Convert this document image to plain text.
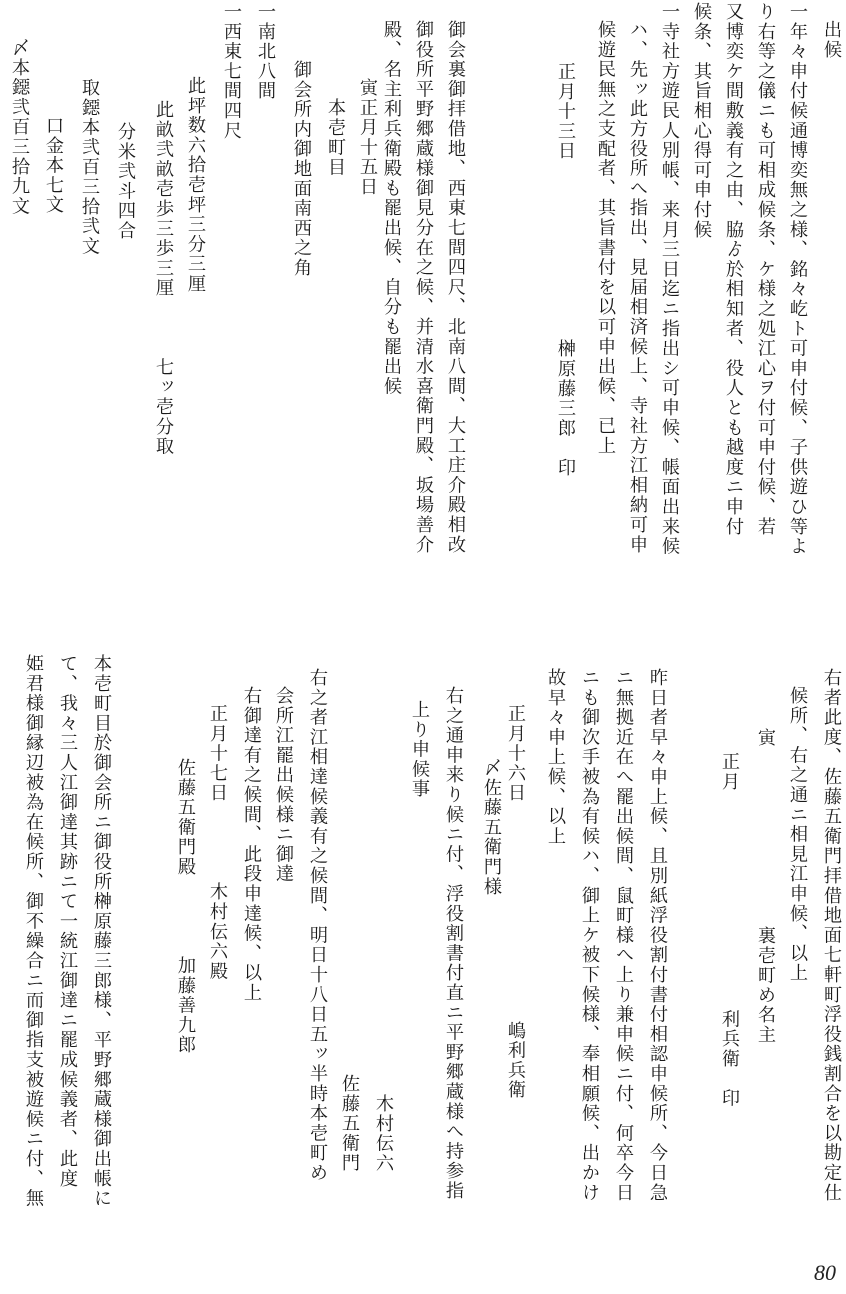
出候
一年々申付候通博奕無之様、銘々屹ト可申付候、子供遊ひ等よ
り右等之儀ニも可相成候条、ケ様之処江心ヲ付可申付候、若
又博奕ケ間敷義有之由、脇ゟ於相知者、役人とも越度ニ申付
候条、其旨相心得可申付候
一寺社方遊民人別帳、来月三日迄ニ指出シ可申候、帳面出来候
ハ、先ッ此方役所へ指出、見届相済候上、寺社方江相納可申
候遊民無之支配者、其旨書付を以可申出候、已上
正月十三日　　　　　　　　　榊原藤三郎　印
御会裏御拝借地、西東七間四尺、北南八間、大工庄介殿相改
御役所平野郷蔵様御見分在之候、并清水喜衛門殿、坂場善介
殿、名主利兵衛殿も罷出候、自分も罷出候
寅正月十五日
本壱町目
御会所内御地面南西之角
一南北八間
一西東七間四尺
此坪数六拾壱坪三分三厘
此畝弐畝壱歩三歩三厘　　　七ッ壱分取
分米弐斗四合
取鐚本弐百三拾弐文
口金本七文
〆本鐚弐百三拾九文
右者此度、佐藤五衛門拝借地面七軒町浮役銭割合を以勘定仕
候所、右之通ニ相見江申候、以上
寅　　　　　　　　　裏壱町め名主
正月　　　　　　　　　　　利兵衛　印
昨日者早々申上候、且別紙浮役割付書付相認申候所、今日急
ニ無拠近在へ罷出候間、鼠町様へ上り兼申候ニ付、何卒今日
ニも御次手被為有候ハ、御上ケ被下候様、奉相願候、出かけ
故早々申上候、以上
正月十六日　　　　　　　　　　　嶋利兵衛
〆佐藤五衛門様
右之通申来り候ニ付、浮役割書付直ニ平野郷蔵様へ持参指
上り申候事
木村伝六
佐藤五衛門
右之者江相達候義有之候間、明日十八日五ッ半時本壱町め
会所江罷出候様ニ御達
右御達有之候間、此段申達候、以上
正月十七日　　　　木村伝六殿
佐藤五衛門殿　　　　加藤善九郎
本壱町目於御会所ニ御役所榊原藤三郎様、平野郷蔵様御出帳に
て、我々三人江御達其跡ニて一統江御達ニ罷成候義者、此度
姫君様御縁辺被為在候所、御不繰合ニ而御指支被遊候ニ付、無
80
